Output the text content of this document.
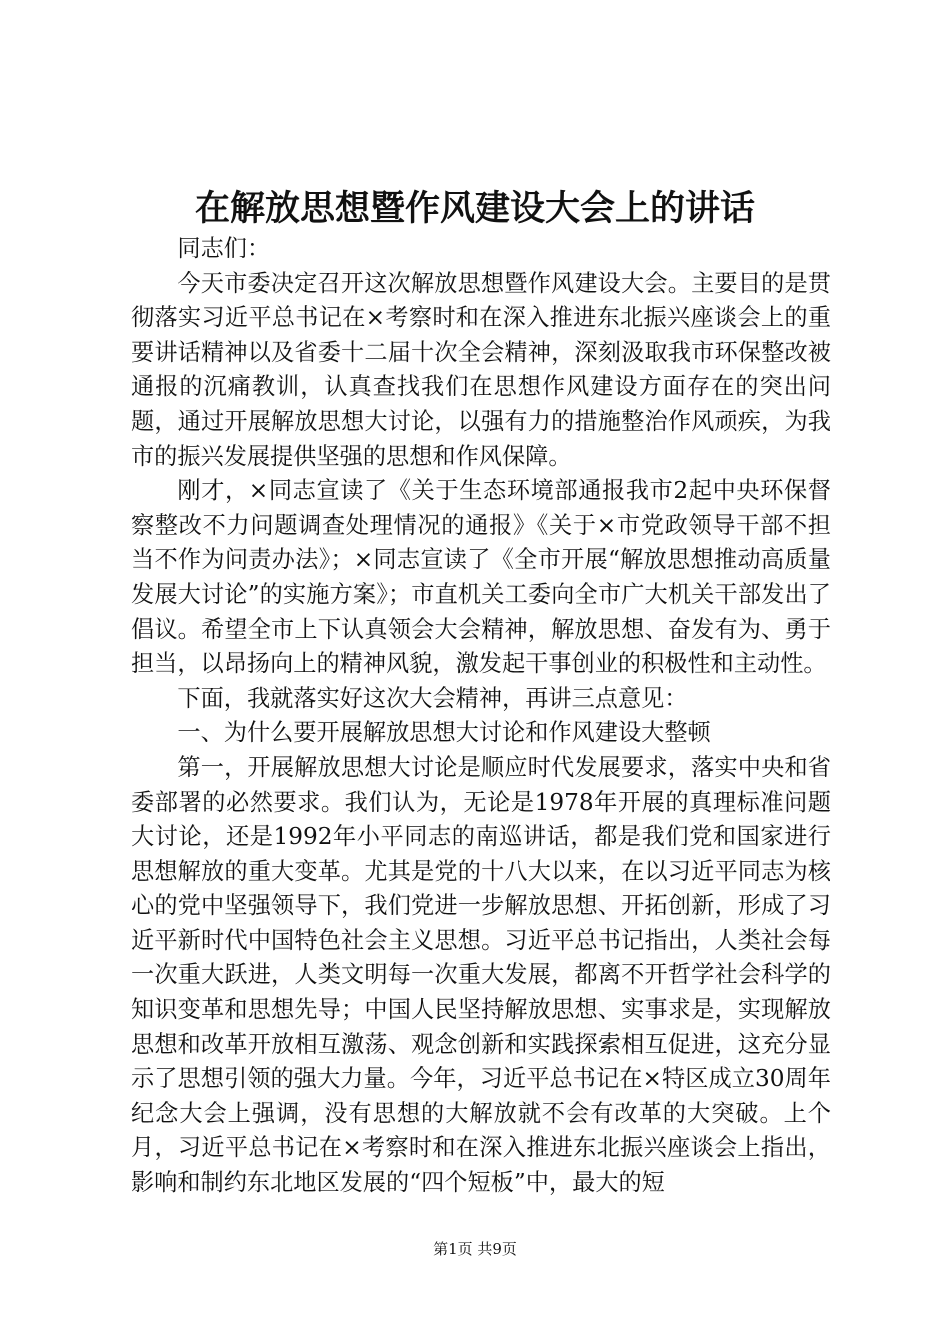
在解放思想暨作风建设大会上的讲话

同志们：

今天市委决定召开这次解放思想暨作风建设大会。主要目的是贯彻落实习近平总书记在×考察时和在深入推进东北振兴座谈会上的重要讲话精神以及省委十二届十次全会精神，深刻汲取我市环保整改被通报的沉痛教训，认真查找我们在思想作风建设方面存在的突出问题，通过开展解放思想大讨论，以强有力的措施整治作风顽疾，为我市的振兴发展提供坚强的思想和作风保障。

刚才，×同志宣读了《关于生态环境部通报我市2起中央环保督察整改不力问题调查处理情况的通报》《关于×市党政领导干部不担当不作为问责办法》；×同志宣读了《全市开展“解放思想推动高质量发展大讨论”的实施方案》；市直机关工委向全市广大机关干部发出了倡议。希望全市上下认真领会大会精神，解放思想、奋发有为、勇于担当，以昂扬向上的精神风貌，激发起干事创业的积极性和主动性。

下面，我就落实好这次大会精神，再讲三点意见：

一、为什么要开展解放思想大讨论和作风建设大整顿

第一，开展解放思想大讨论是顺应时代发展要求，落实中央和省委部署的必然要求。我们认为，无论是1978年开展的真理标准问题大讨论，还是1992年小平同志的南巡讲话，都是我们党和国家进行思想解放的重大变革。尤其是党的十八大以来，在以习近平同志为核心的党中坚强领导下，我们党进一步解放思想、开拓创新，形成了习近平新时代中国特色社会主义思想。习近平总书记指出，人类社会每一次重大跃进，人类文明每一次重大发展，都离不开哲学社会科学的知识变革和思想先导；中国人民坚持解放思想、实事求是，实现解放思想和改革开放相互激荡、观念创新和实践探索相互促进，这充分显示了思想引领的强大力量。今年，习近平总书记在×特区成立30周年纪念大会上强调，没有思想的大解放就不会有改革的大突破。上个月，习近平总书记在×考察时和在深入推进东北振兴座谈会上指出，影响和制约东北地区发展的“四个短板”中，最大的短

第1页 共9页
